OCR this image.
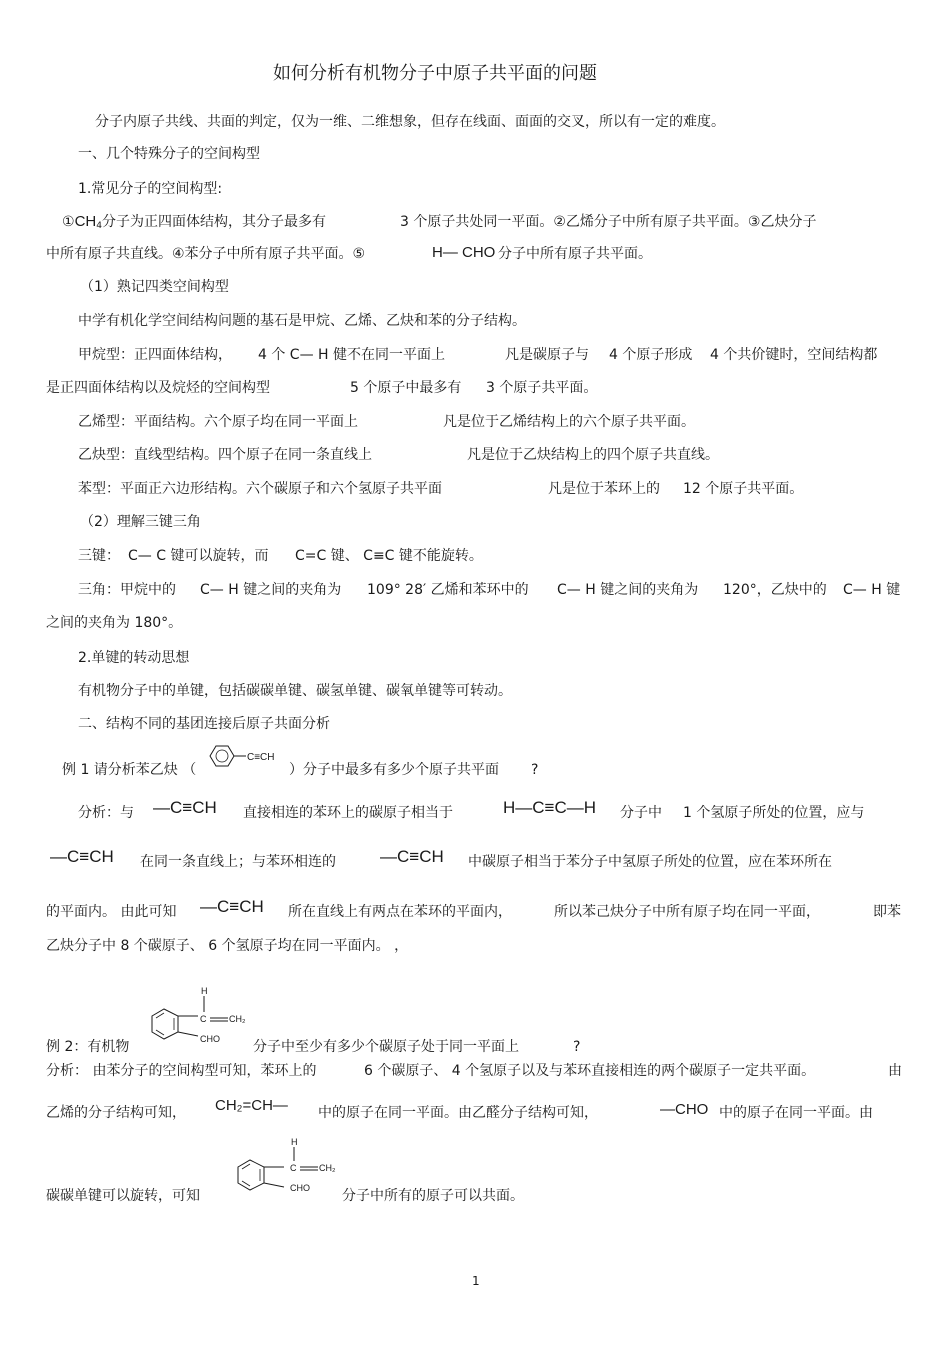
如何分析有机物分子中原子共平面的问题
分子内原子共线、共面的判定，仅为一维、二维想象，但存在线面、面面的交叉，所以有一定的难度。
一、几个特殊分子的空间构型
1.常见分子的空间构型:
$①CH_4$分子为正四面体结构，其分子最多有	3 个原子共处同一平面。②乙烯分子中所有原子共平面。③乙炔分子
中所有原子共直线。④苯分子中所有原子共平面。⑤	H— CHO 分子中所有原子共平面。
（1）熟记四类空间构型
中学有机化学空间结构问题的基石是甲烷、乙烯、乙炔和苯的分子结构。
甲烷型：正四面体结构， 4 个 C— H 健不在同一平面上	凡是碳原子与 4 个原子形成 4 个共价键时，空间结构都
是正四面体结构以及烷烃的空间构型	5 个原子中最多有 3 个原子共平面。
乙烯型：平面结构。六个原子均在同一平面上	凡是位于乙烯结构上的六个原子共平面。
乙炔型：直线型结构。四个原子在同一条直线上	凡是位于乙炔结构上的四个原子共直线。
苯型：平面正六边形结构。六个碳原子和六个氢原子共平面	凡是位于苯环上的 12 个原子共平面。
（2）理解三键三角
三键： C— C 键可以旋转，而 C=C 键、 C≡C 键不能旋转。
三角：甲烷中的 C— H 键之间的夹角为 109° 28′ 乙烯和苯环中的 C— H 键之间的夹角为 120°，乙炔中的 C— H 键
之间的夹角为 180°。
2.单键的转动思想
有机物分子中的单键，包括碳碳单键、碳氢单键、碳氧单键等可转动。
二、结构不同的基团连接后原子共面分析
例 1 请分析苯乙炔 （
C≡CH
）分子中最多有多少个原子共平面 ?
分析：与 —C≡CH 直接相连的苯环上的碳原子相当于	H—C≡C—H 分子中 1 个氢原子所处的位置，应与
—C≡CH 在同一条直线上；与苯环相连的	—C≡CH 中碳原子相当于苯分子中氢原子所处的位置，应在苯环所在
的平面内。 由此可知 —C≡CH 所在直线上有两点在苯环的平面内，	所以苯己炔分子中所有原子均在同一平面，	即苯
乙炔分子中 8 个碳原子、 6 个氢原子均在同一平面内。 ，
H
C	CH₂
CHO
例 2：有机物	分子中至少有多少个碳原子处于同一平面上	?
分析： 由苯分子的空间构型可知，苯环上的	6 个碳原子、 4 个氢原子以及与苯环直接相连的两个碳原子一定共平面。	由
乙烯的分子结构可知， CH₂=CH— 中的原子在同一平面。由乙醛分子结构可知，	—CHO 中的原子在同一平面。由
H
C	CH₂
CHO
碳碳单键可以旋转，可知	分子中所有的原子可以共面。
1
